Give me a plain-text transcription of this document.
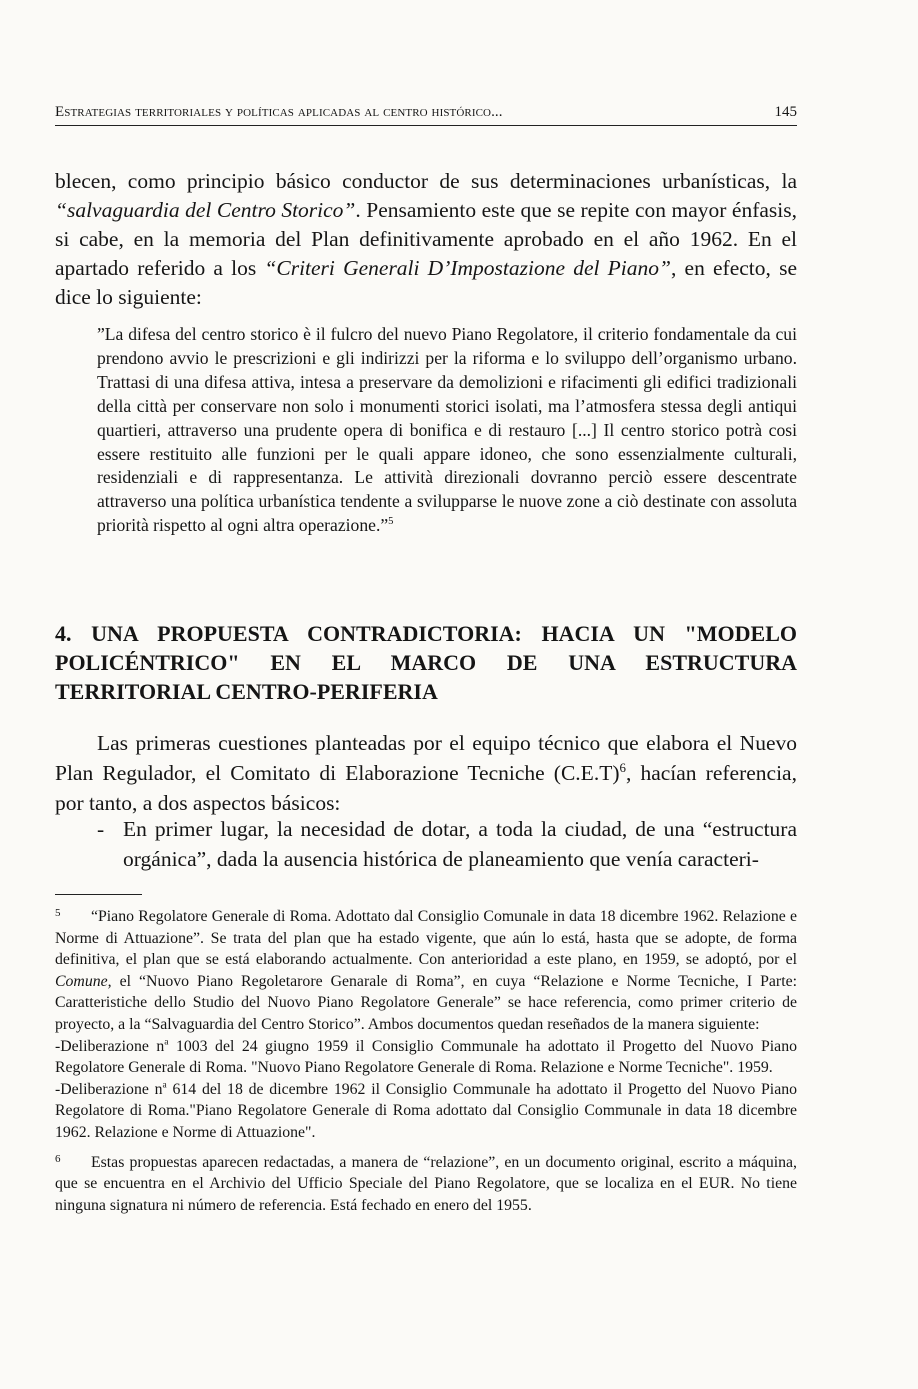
Estrategias territoriales y políticas aplicadas al centro histórico...	145

blecen, como principio básico conductor de sus determinaciones urbanísticas, la “salvaguardia del Centro Storico”. Pensamiento este que se repite con mayor énfasis, si cabe, en la memoria del Plan definitivamente aprobado en el año 1962. En el apartado referido a los “Criteri Generali D’Impostazione del Piano”, en efecto, se dice lo siguiente:

”La difesa del centro storico è il fulcro del nuevo Piano Regolatore, il criterio fondamentale da cui prendono avvio le prescrizioni e gli indirizzi per la riforma e lo sviluppo dell’organismo urbano. Trattasi di una difesa attiva, intesa a preservare da demolizioni e rifacimenti gli edifici tradizionali della città per conservare non solo i monumenti storici isolati, ma l’atmosfera stessa degli antiqui quartieri, attraverso una prudente opera di bonifica e di restauro [...] Il centro storico potrà cosi essere restituito alle funzioni per le quali appare idoneo, che sono essenzialmente culturali, residenziali e di rappresentanza. Le attività direzionali dovranno perciò essere descentrate attraverso una política urbanística tendente a svilupparse le nuove zone a ciò destinate con assoluta priorità rispetto al ogni altra operazione.”$^5$

4. UNA PROPUESTA CONTRADICTORIA: HACIA UN "MODELO POLICÉNTRICO" EN EL MARCO DE UNA ESTRUCTURA TERRITORIAL CENTRO-PERIFERIA

Las primeras cuestiones planteadas por el equipo técnico que elabora el Nuevo Plan Regulador, el Comitato di Elaborazione Tecniche $(C.E.T)^6$, hacían referencia, por tanto, a dos aspectos básicos:

- En primer lugar, la necesidad de dotar, a toda la ciudad, de una “estructura orgánica”, dada la ausencia histórica de planeamiento que venía caracteri-

5 “Piano Regolatore Generale di Roma. Adottato dal Consiglio Comunale in data 18 dicembre 1962. Relazione e Norme di Attuazione”. Se trata del plan que ha estado vigente, que aún lo está, hasta que se adopte, de forma definitiva, el plan que se está elaborando actualmente. Con anterioridad a este plano, en 1959, se adoptó, por el Comune, el “Nuovo Piano Regoletarore Genarale di Roma”, en cuya “Relazione e Norme Tecniche, I Parte: Caratteristiche dello Studio del Nuovo Piano Regolatore Generale” se hace referencia, como primer criterio de proyecto, a la “Salvaguardia del Centro Storico”. Ambos documentos quedan reseñados de la manera siguiente:

-Deliberazione $n^a$ 1003 del 24 giugno 1959 il Consiglio Communale ha adottato il Progetto del Nuovo Piano Regolatore Generale di Roma. "Nuovo Piano Regolatore Generale di Roma. Relazione e Norme Tecniche". 1959.

-Deliberazione $n^a$ 614 del 18 de dicembre 1962 il Consiglio Communale ha adottato il Progetto del Nuovo Piano Regolatore di Roma."Piano Regolatore Generale di Roma adottato dal Consiglio Communale in data 18 dicembre 1962. Relazione e Norme di Attuazione".

6 Estas propuestas aparecen redactadas, a manera de “relazione”, en un documento original, escrito a máquina, que se encuentra en el Archivio del Ufficio Speciale del Piano Regolatore, que se localiza en el EUR. No tiene ninguna signatura ni número de referencia. Está fechado en enero del 1955.
